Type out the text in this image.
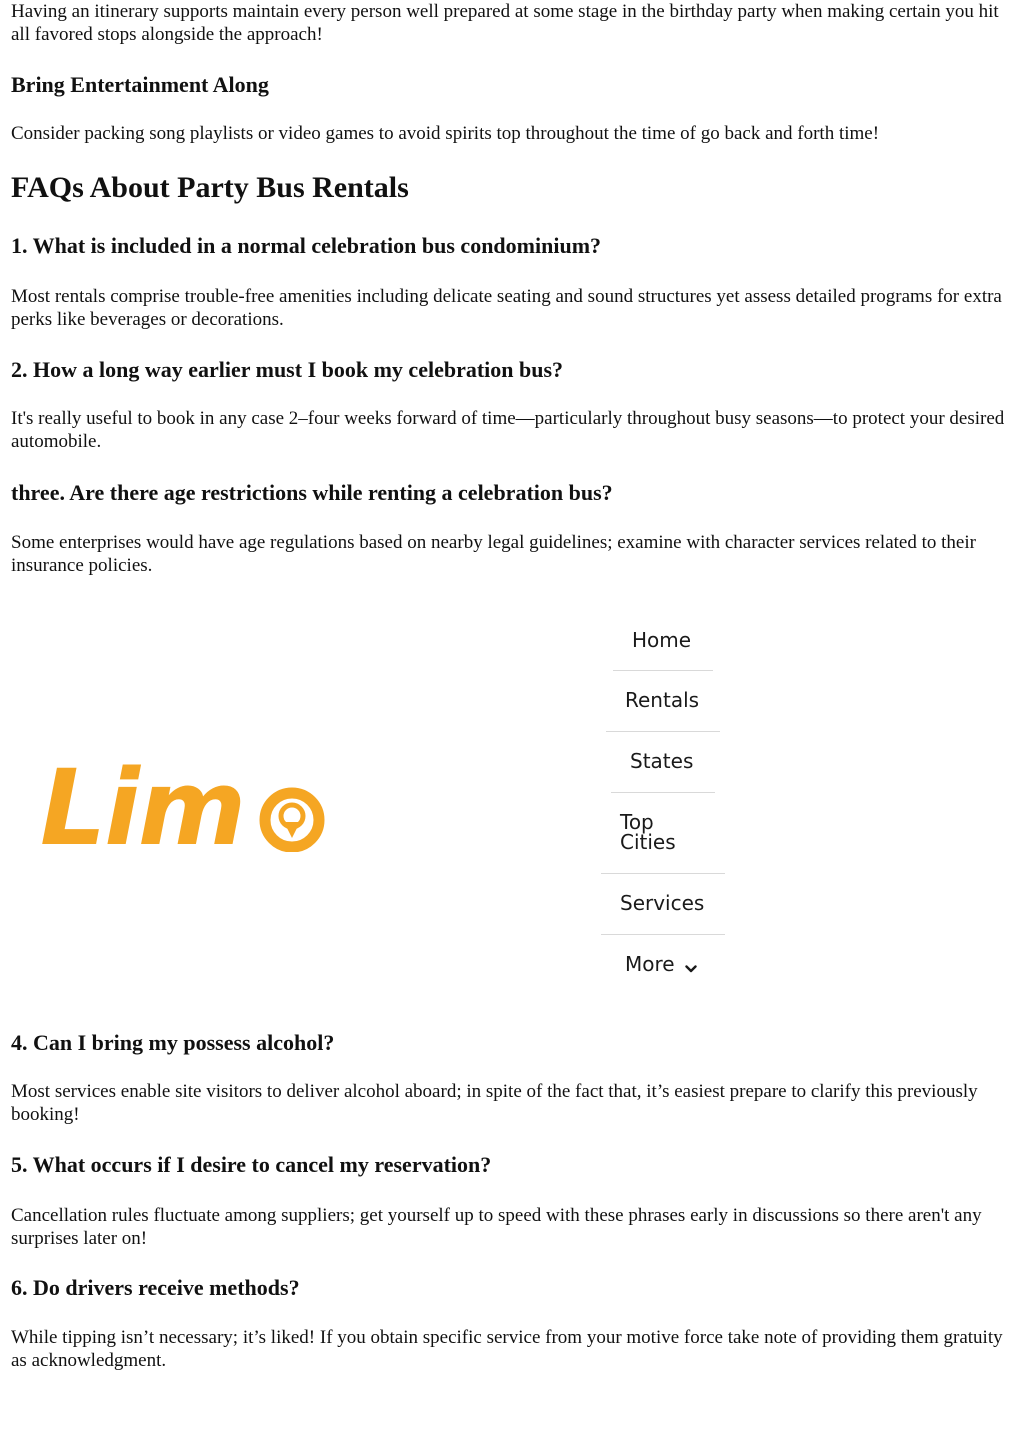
Having an itinerary supports maintain every person well prepared at some stage in the birthday party when making certain you hit all favored stops alongside the approach!

Bring Entertainment Along

Consider packing song playlists or video games to avoid spirits top throughout the time of go back and forth time!

FAQs About Party Bus Rentals
1. What is included in a normal celebration bus condominium?

Most rentals comprise trouble-free amenities including delicate seating and sound structures yet assess detailed programs for extra perks like beverages or decorations.

2. How a long way earlier must I book my celebration bus?

It's really useful to book in any case 2–four weeks forward of time—particularly throughout busy seasons—to protect your desired automobile.

three. Are there age restrictions while renting a celebration bus?

Some enterprises would have age regulations based on nearby legal guidelines; examine with character services related to their insurance policies.

Lim
Home
Rentals
States
Top
Cities
Services
More
4. Can I bring my possess alcohol?

Most services enable site visitors to deliver alcohol aboard; in spite of the fact that, it’s easiest prepare to clarify this previously booking!

5. What occurs if I desire to cancel my reservation?

Cancellation rules fluctuate among suppliers; get yourself up to speed with these phrases early in discussions so there aren't any surprises later on!

6. Do drivers receive methods?

While tipping isn’t necessary; it’s liked! If you obtain specific service from your motive force take note of providing them gratuity as acknowledgment.
